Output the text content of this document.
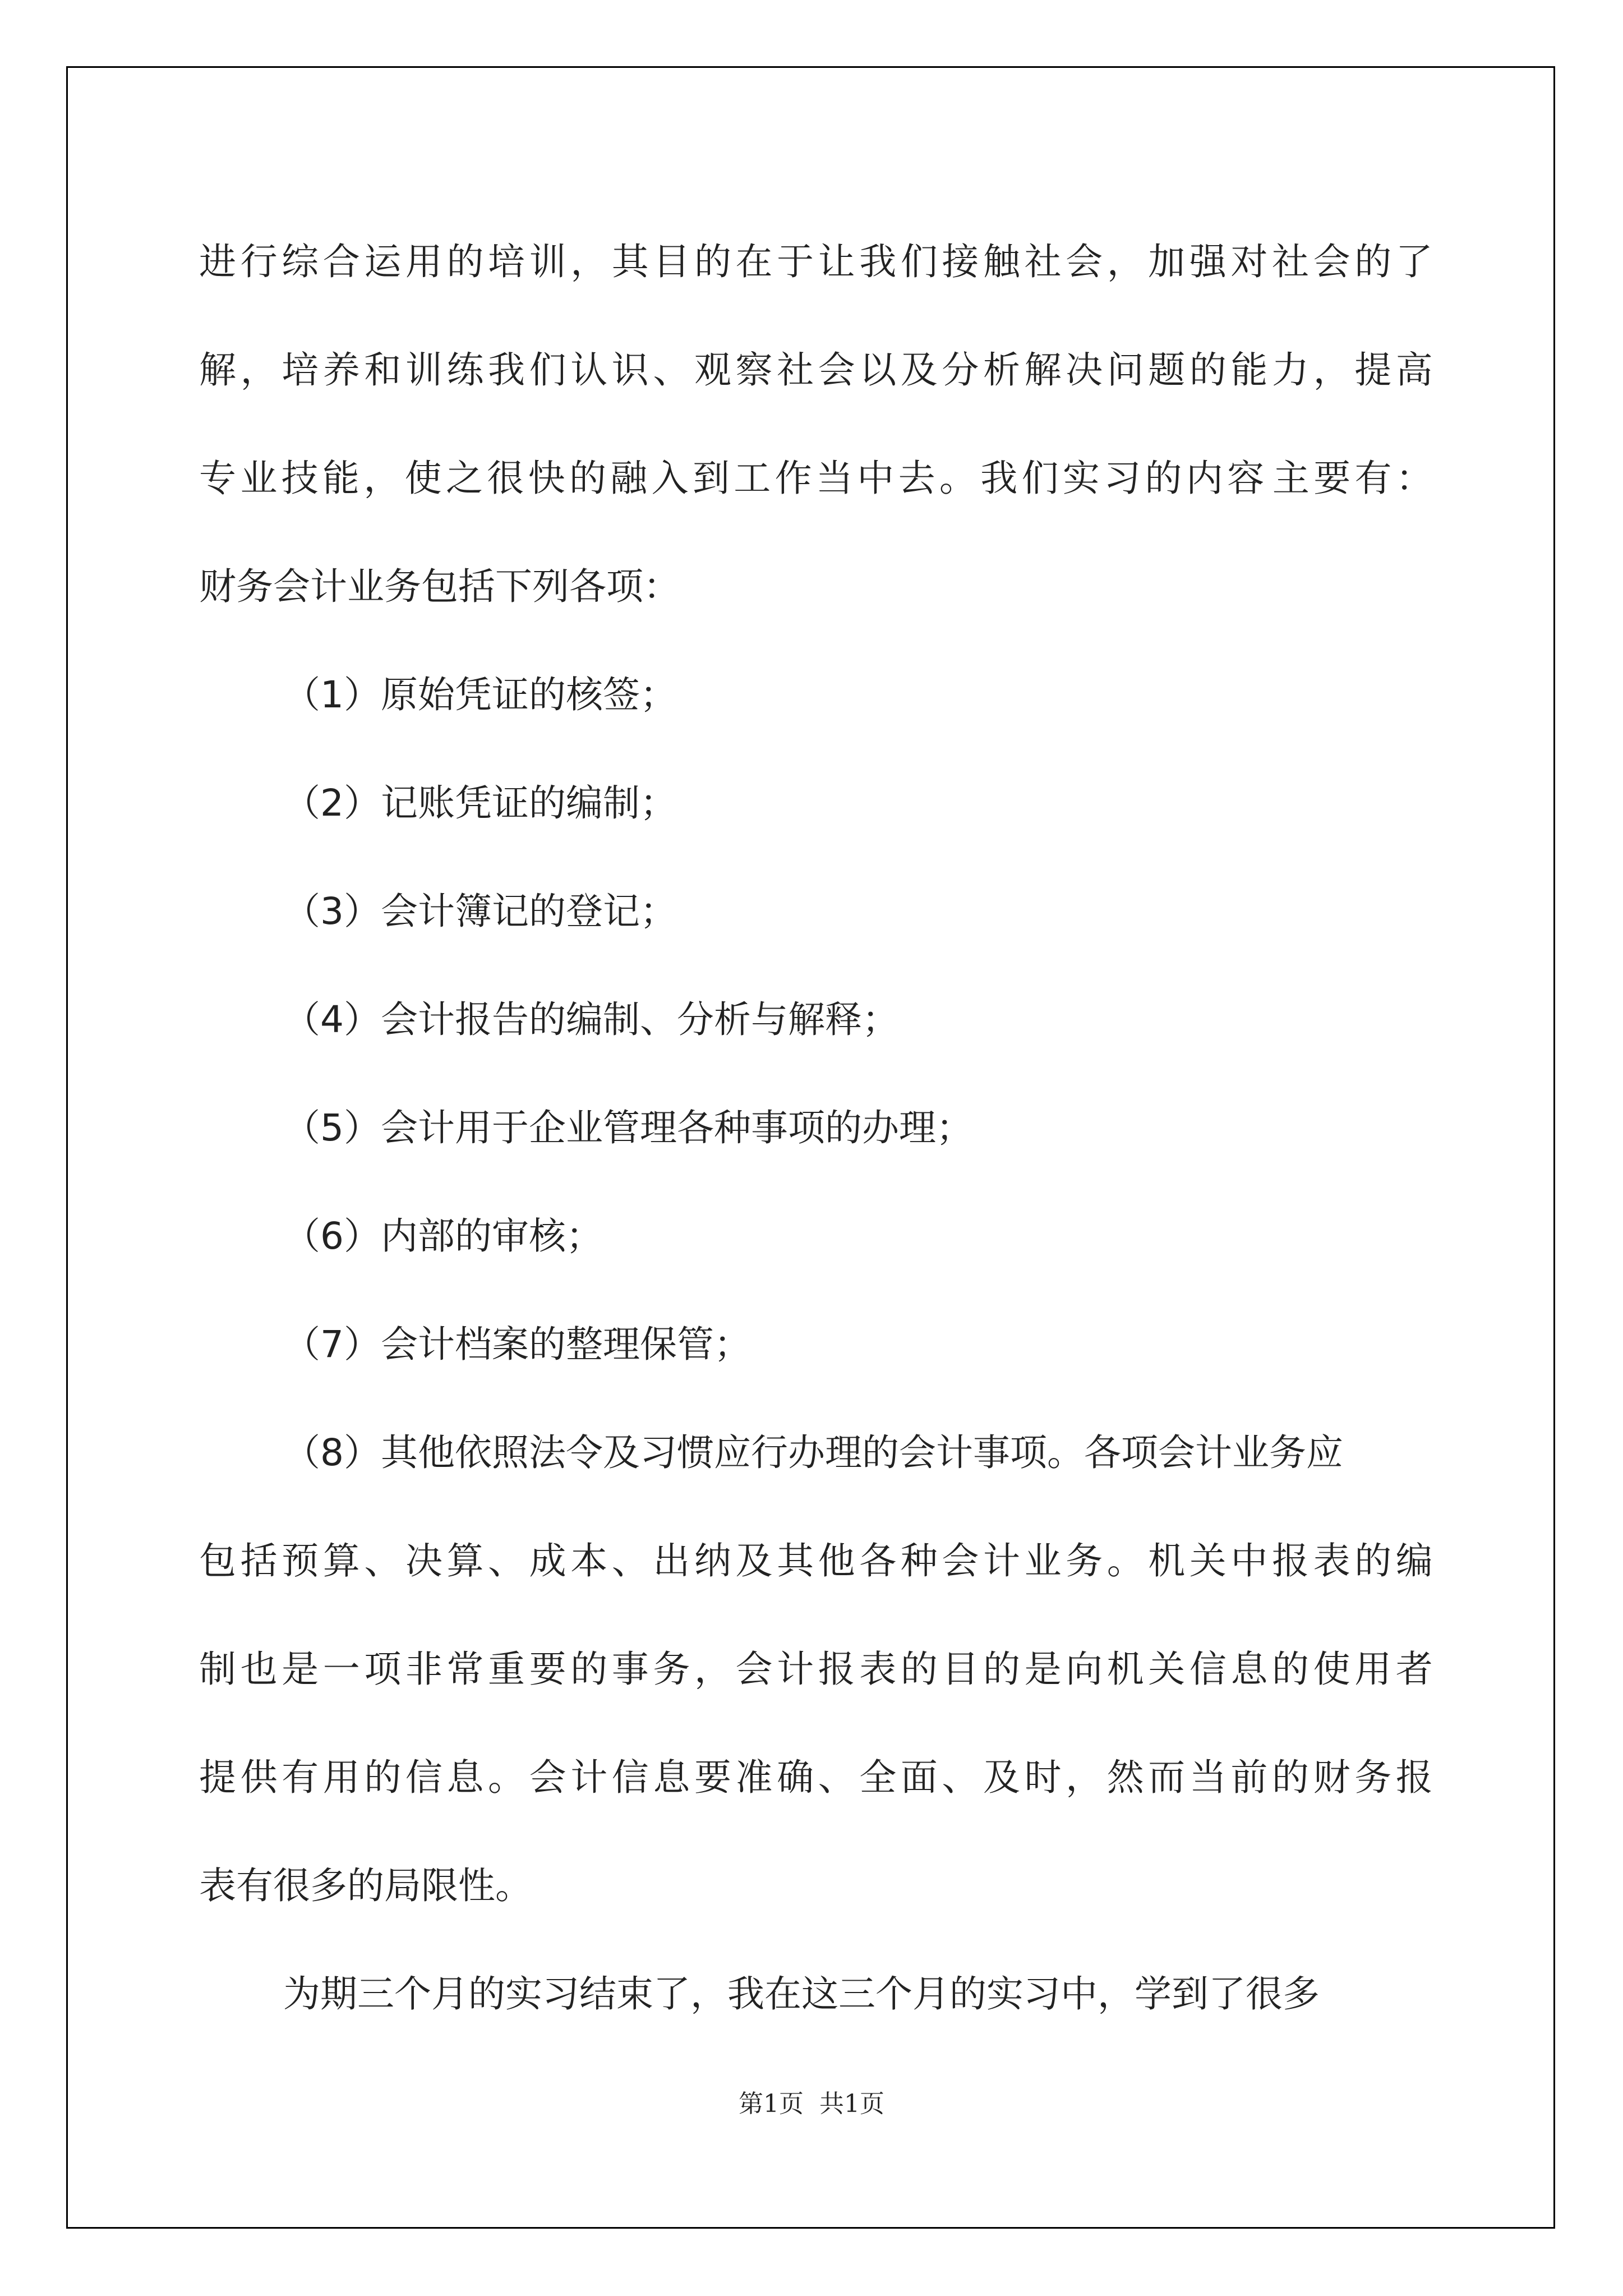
进 行 综 合 运 用 的 培 训 ， 其 目 的 在 于 让 我 们 接 触 社 会 ， 加 强 对 社 会 的 了
解 ， 培 养 和 训 练 我 们 认 识 、 观 察 社 会 以 及 分 析 解 决 问 题 的 能 力 ， 提 高
专 业 技 能 ， 使 之 很 快 的 融 入 到 工 作 当 中 去 。 我 们 实 习 的 内 容 主 要 有 ：
财务会计业务包括下列各项：
（1）原始凭证的核签；
（2）记账凭证的编制；
（3）会计簿记的登记；
（4）会计报告的编制、分析与解释；
（5）会计用于企业管理各种事项的办理；
（6）内部的审核；
（7）会计档案的整理保管；
（8）其他依照法令及习惯应行办理的会计事项。各项会计业务应
包 括 预 算 、 决 算 、 成 本 、 出 纳 及 其 他 各 种 会 计 业 务 。 机 关 中 报 表 的 编
制 也 是 一 项 非 常 重 要 的 事 务 ， 会 计 报 表 的 目 的 是 向 机 关 信 息 的 使 用 者
提 供 有 用 的 信 息 。 会 计 信 息 要 准 确 、 全 面 、 及 时 ， 然 而 当 前 的 财 务 报
表有很多的局限性。
为期三个月的实习结束了，我在这三个月的实习中，学到了很多
第1页  共1页
